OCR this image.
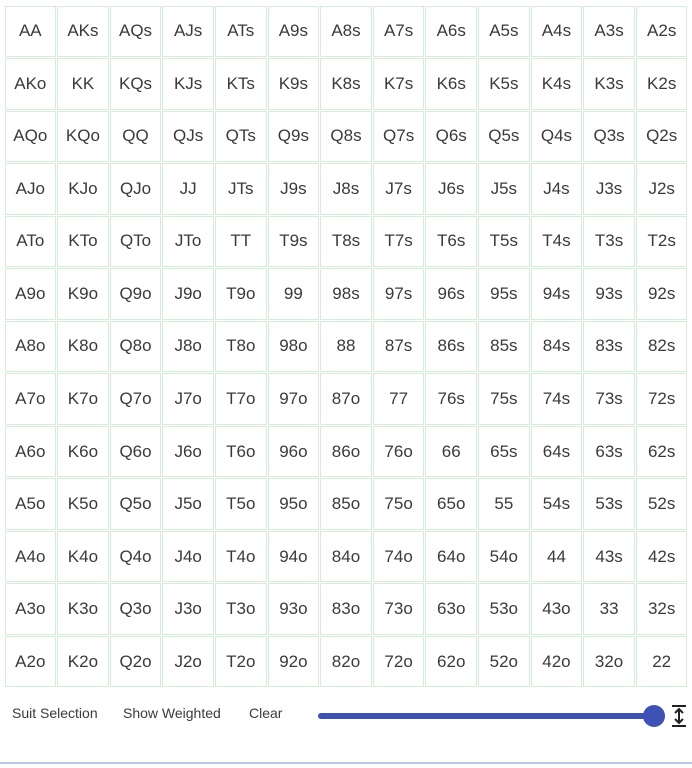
AA	AKs	AQs	AJs	ATs	A9s	A8s	A7s	A6s	A5s	A4s	A3s	A2s
AKo	KK	KQs	KJs	KTs	K9s	K8s	K7s	K6s	K5s	K4s	K3s	K2s
AQo	KQo	QQ	QJs	QTs	Q9s	Q8s	Q7s	Q6s	Q5s	Q4s	Q3s	Q2s
AJo	KJo	QJo	JJ	JTs	J9s	J8s	J7s	J6s	J5s	J4s	J3s	J2s
ATo	KTo	QTo	JTo	TT	T9s	T8s	T7s	T6s	T5s	T4s	T3s	T2s
A9o	K9o	Q9o	J9o	T9o	99	98s	97s	96s	95s	94s	93s	92s
A8o	K8o	Q8o	J8o	T8o	98o	88	87s	86s	85s	84s	83s	82s
A7o	K7o	Q7o	J7o	T7o	97o	87o	77	76s	75s	74s	73s	72s
A6o	K6o	Q6o	J6o	T6o	96o	86o	76o	66	65s	64s	63s	62s
A5o	K5o	Q5o	J5o	T5o	95o	85o	75o	65o	55	54s	53s	52s
A4o	K4o	Q4o	J4o	T4o	94o	84o	74o	64o	54o	44	43s	42s
A3o	K3o	Q3o	J3o	T3o	93o	83o	73o	63o	53o	43o	33	32s
A2o	K2o	Q2o	J2o	T2o	92o	82o	72o	62o	52o	42o	32o	22
Suit Selection Show Weighted Clear
